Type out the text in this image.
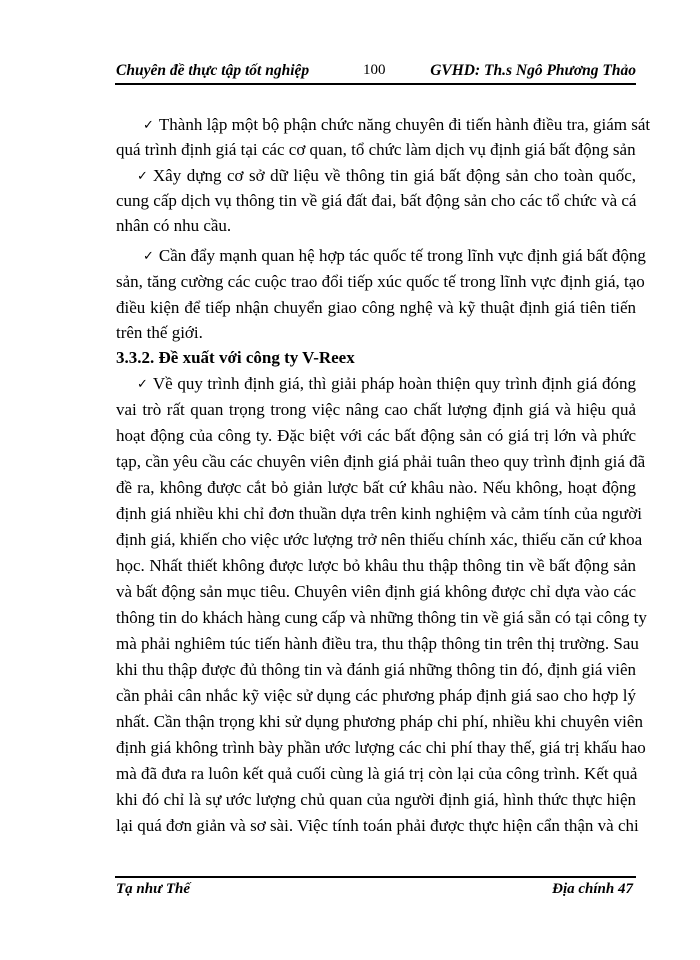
Chuyên đề thực tập tốt nghiệp	100	GVHD: Th.s Ngô Phương Thảo
✓ Thành lập một bộ phận chức năng chuyên đi tiến hành điều tra, giám sát
quá trình định giá tại các cơ quan, tổ chức làm dịch vụ định giá bất động sản
✓ Xây dựng cơ sở dữ liệu về thông tin giá bất động sản cho toàn quốc,
cung cấp dịch vụ thông tin về giá đất đai, bất động sản cho các tổ chức và cá
nhân có nhu cầu.
✓ Cần đẩy mạnh quan hệ hợp tác quốc tế trong lĩnh vực định giá bất động
sản, tăng cường các cuộc trao đổi tiếp xúc quốc tế trong lĩnh vực định giá, tạo
điều kiện để tiếp nhận chuyển giao công nghệ và kỹ thuật định giá tiên tiến
trên thế giới.
3.3.2. Đề xuất với công ty V-Reex
✓ Về quy trình định giá, thì giải pháp hoàn thiện quy trình định giá đóng
vai trò rất quan trọng trong việc nâng cao chất lượng định giá và hiệu quả
hoạt động của công ty. Đặc biệt với các bất động sản có giá trị lớn và phức
tạp, cần yêu cầu các chuyên viên định giá phải tuân theo quy trình định giá đã
đề ra, không được cắt bỏ giản lược bất cứ khâu nào. Nếu không, hoạt động
định giá nhiều khi chỉ đơn thuần dựa trên kinh nghiệm và cảm tính của người
định giá, khiến cho việc ước lượng trở nên thiếu chính xác, thiếu căn cứ khoa
học. Nhất thiết không được lược bỏ khâu thu thập thông tin về bất động sản
và bất động sản mục tiêu. Chuyên viên định giá không được chỉ dựa vào các
thông tin do khách hàng cung cấp và những thông tin về giá sẵn có tại công ty
mà phải nghiêm túc tiến hành điều tra, thu thập thông tin trên thị trường. Sau
khi thu thập được đủ thông tin và đánh giá những thông tin đó, định giá viên
cần phải cân nhắc kỹ việc sử dụng các phương pháp định giá sao cho hợp lý
nhất. Cần thận trọng khi sử dụng phương pháp chi phí, nhiều khi chuyên viên
định giá không trình bày phần ước lượng các chi phí thay thế, giá trị khấu hao
mà đã đưa ra luôn kết quả cuối cùng là giá trị còn lại của công trình. Kết quả
khi đó chỉ là sự ước lượng chủ quan của người định giá, hình thức thực hiện
lại quá đơn giản và sơ sài. Việc tính toán phải được thực hiện cẩn thận và chi
Tạ như Thế	Địa chính 47
